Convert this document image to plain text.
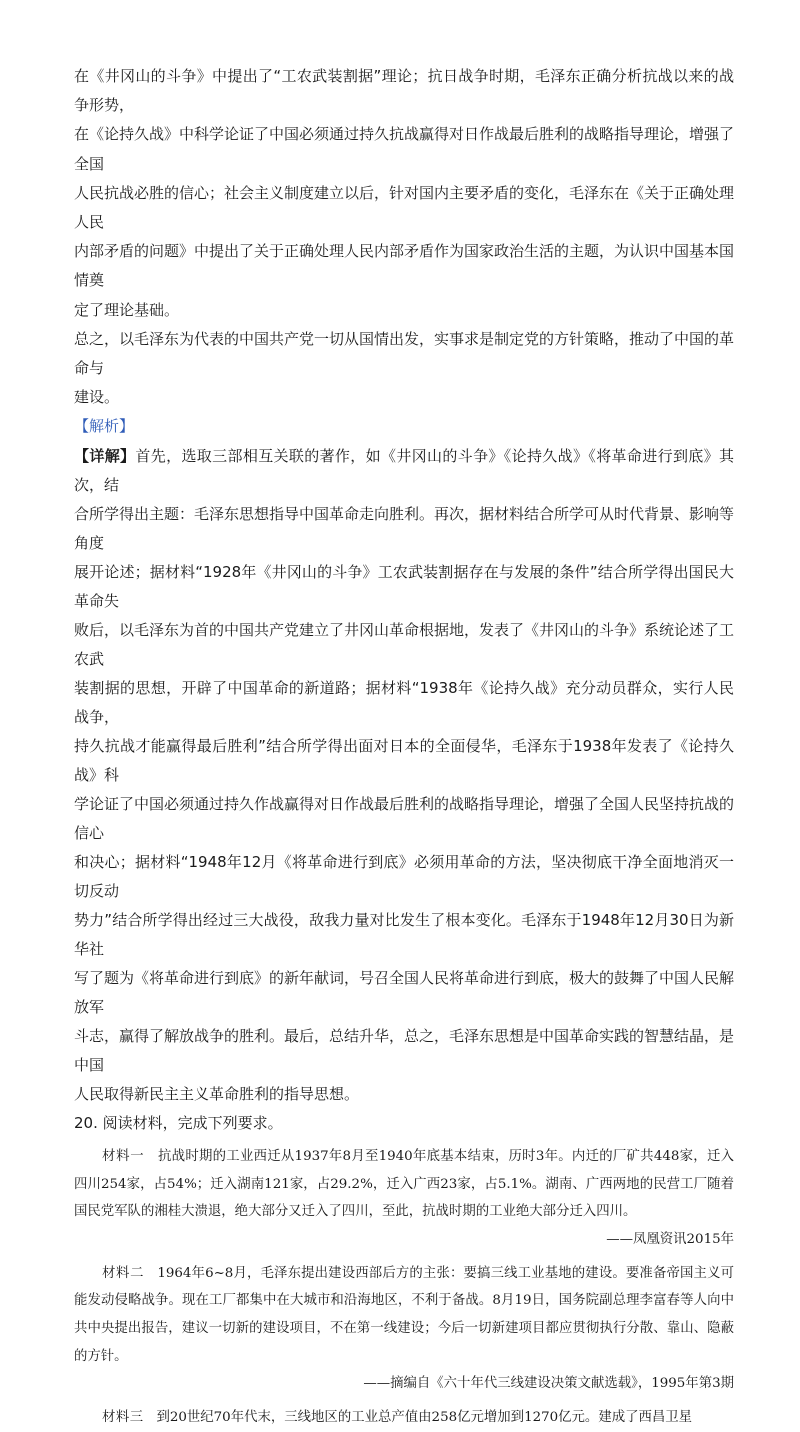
在《井冈山的斗争》中提出了“工农武装割据”理论；抗日战争时期，毛泽东正确分析抗战以来的战争形势，

在《论持久战》中科学论证了中国必须通过持久抗战赢得对日作战最后胜利的战略指导理论，增强了全国

人民抗战必胜的信心；社会主义制度建立以后，针对国内主要矛盾的变化，毛泽东在《关于正确处理人民

内部矛盾的问题》中提出了关于正确处理人民内部矛盾作为国家政治生活的主题，为认识中国基本国情奠

定了理论基础。

总之，以毛泽东为代表的中国共产党一切从国情出发，实事求是制定党的方针策略，推动了中国的革命与

建设。

【解析】

【详解】首先，选取三部相互关联的著作，如《井冈山的斗争》《论持久战》《将革命进行到底》其次，结

合所学得出主题：毛泽东思想指导中国革命走向胜利。再次，据材料结合所学可从时代背景、影响等角度

展开论述；据材料“1928年《井冈山的斗争》工农武装割据存在与发展的条件”结合所学得出国民大革命失

败后，以毛泽东为首的中国共产党建立了井冈山革命根据地，发表了《井冈山的斗争》系统论述了工农武

装割据的思想，开辟了中国革命的新道路；据材料“1938年《论持久战》充分动员群众，实行人民战争，

持久抗战才能赢得最后胜利”结合所学得出面对日本的全面侵华，毛泽东于1938年发表了《论持久战》科

学论证了中国必须通过持久作战赢得对日作战最后胜利的战略指导理论，增强了全国人民坚持抗战的信心

和决心；据材料“1948年12月《将革命进行到底》必须用革命的方法，坚决彻底干净全面地消灭一切反动

势力”结合所学得出经过三大战役，敌我力量对比发生了根本变化。毛泽东于1948年12月30日为新华社

写了题为《将革命进行到底》的新年献词，号召全国人民将革命进行到底，极大的鼓舞了中国人民解放军

斗志，赢得了解放战争的胜利。最后，总结升华，总之，毛泽东思想是中国革命实践的智慧结晶，是中国

人民取得新民主主义革命胜利的指导思想。

20. 阅读材料，完成下列要求。

材料一 抗战时期的工业西迁从1937年8月至1940年底基本结束，历时3年。内迁的厂矿共448家，迁入四川254家，占54%；迁入湖南121家，占29.2%，迁入广西23家，占5.1%。湖南、广西两地的民营工厂随着国民党军队的湘桂大溃退，绝大部分又迁入了四川，至此，抗战时期的工业绝大部分迁入四川。

——凤凰资讯2015年

材料二 1964年6~8月，毛泽东提出建设西部后方的主张：要搞三线工业基地的建设。要准备帝国主义可能发动侵略战争。现在工厂都集中在大城市和沿海地区，不利于备战。8月19日，国务院副总理李富春等人向中共中央提出报告，建议一切新的建设项目，不在第一线建设；今后一切新建项目都应贯彻执行分散、靠山、隐蔽的方针。

——摘编自《六十年代三线建设决策文献选载》，1995年第3期

材料三 到20世纪70年代末，三线地区的工业总产值由258亿元增加到1270亿元。建成了西昌卫星
